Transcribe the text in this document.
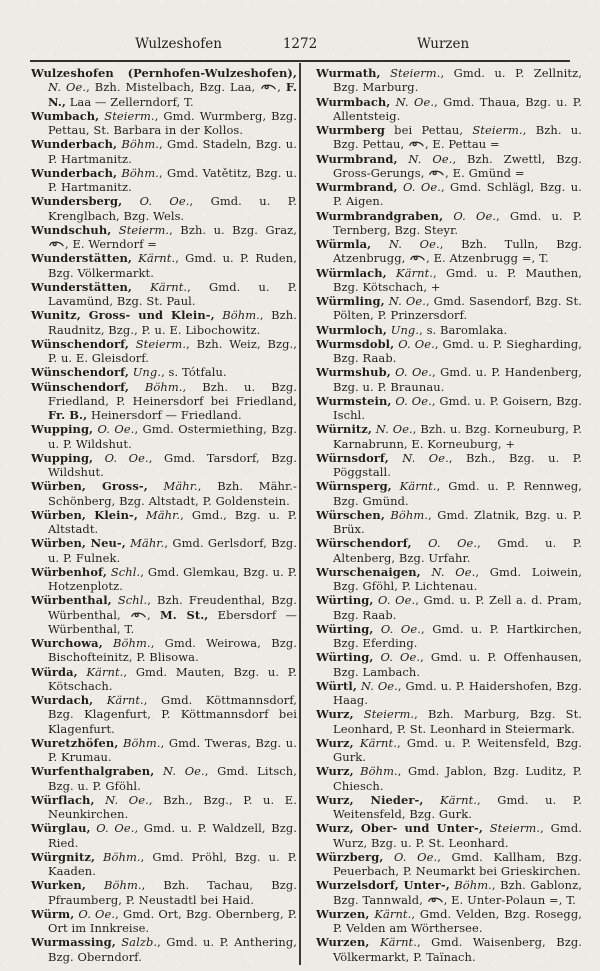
Wulzeshofen	1272	Wurzen
Wulzeshofen (Pernhofen-Wulzeshofen), N. Oe., Bzh. Mistelbach, Bzg. Laa, , F. N., Laa — Zellerndorf, T.
Wumbach, Steierm., Gmd. Wurmberg, Bzg. Pettau, St. Barbara in der Kollos.
Wunderbach, Böhm., Gmd. Stadeln, Bzg. u. P. Hartmanitz.
Wunderbach, Böhm., Gmd. Vatětitz, Bzg. u. P. Hartmanitz.
Wundersberg, O. Oe., Gmd. u. P. Krenglbach, Bzg. Wels.
Wundschuh, Steierm., Bzh. u. Bzg. Graz, , E. Werndorf =
Wunderstätten, Kärnt., Gmd. u. P. Ruden, Bzg. Völkermarkt.
Wunderstätten, Kärnt., Gmd. u. P. Lavamünd, Bzg. St. Paul.
Wunitz, Gross- und Klein-, Böhm., Bzh. Raudnitz, Bzg., P. u. E. Libochowitz.
Wünschendorf, Steierm., Bzh. Weiz, Bzg., P. u. E. Gleisdorf.
Wünschendorf, Ung., s. Tótfalu.
Wünschendorf, Böhm., Bzh. u. Bzg. Friedland, P. Heinersdorf bei Friedland, Fr. B., Heinersdorf — Friedland.
Wupping, O. Oe., Gmd. Ostermiething, Bzg. u. P. Wildshut.
Wupping, O. Oe., Gmd. Tarsdorf, Bzg. Wildshut.
Würben, Gross-, Mähr., Bzh. Mähr.-Schönberg, Bzg. Altstadt, P. Goldenstein.
Würben, Klein-, Mähr., Gmd., Bzg. u. P. Altstadt.
Würben, Neu-, Mähr., Gmd. Gerlsdorf, Bzg. u. P. Fulnek.
Würbenhof, Schl., Gmd. Glemkau, Bzg. u. P. Hotzenplotz.
Würbenthal, Schl., Bzh. Freudenthal, Bzg. Würbenthal, , M. St., Ebersdorf — Würbenthal, T.
Wurchowa, Böhm., Gmd. Weirowa, Bzg. Bischofteinitz, P. Blisowa.
Würda, Kärnt., Gmd. Mauten, Bzg. u. P. Kötschach.
Wurdach, Kärnt., Gmd. Köttmannsdorf, Bzg. Klagenfurt, P. Köttmannsdorf bei Klagenfurt.
Wuretzhöfen, Böhm., Gmd. Tweras, Bzg. u. P. Krumau.
Wurfenthalgraben, N. Oe., Gmd. Litsch, Bzg. u. P. Gföhl.
Würflach, N. Oe., Bzh., Bzg., P. u. E. Neunkirchen.
Würglau, O. Oe., Gmd. u. P. Waldzell, Bzg. Ried.
Würgnitz, Böhm., Gmd. Pröhl, Bzg. u. P. Kaaden.
Wurken, Böhm., Bzh. Tachau, Bzg. Pfraumberg, P. Neustadtl bei Haid.
Würm, O. Oe., Gmd. Ort, Bzg. Obernberg, P. Ort im Innkreise.
Wurmassing, Salzb., Gmd. u. P. Anthering, Bzg. Oberndorf.
Wurmath, Steierm., Gmd. u. P. Zellnitz, Bzg. Marburg.
Wurmbach, N. Oe., Gmd. Thaua, Bzg. u. P. Allentsteig.
Wurmberg bei Pettau, Steierm., Bzh. u. Bzg. Pettau, , E. Pettau =
Wurmbrand, N. Oe., Bzh. Zwettl, Bzg. Gross-Gerungs, , E. Gmünd =
Wurmbrand, O. Oe., Gmd. Schlägl, Bzg. u. P. Aigen.
Wurmbrandgraben, O. Oe., Gmd. u. P. Ternberg, Bzg. Steyr.
Würmla, N. Oe., Bzh. Tulln, Bzg. Atzenbrugg, , E. Atzenbrugg =, T.
Würmlach, Kärnt., Gmd. u. P. Mauthen, Bzg. Kötschach, +
Würmling, N. Oe., Gmd. Sasendorf, Bzg. St. Pölten, P. Prinzersdorf.
Wurmloch, Ung., s. Baromlaka.
Wurmsdobl, O. Oe., Gmd. u. P. Siegharding, Bzg. Raab.
Wurmshub, O. Oe., Gmd. u. P. Handenberg, Bzg. u. P. Braunau.
Wurmstein, O. Oe., Gmd. u. P. Goisern, Bzg. Ischl.
Würnitz, N. Oe., Bzh. u. Bzg. Korneuburg, P. Karnabrunn, E. Korneuburg, +
Würnsdorf, N. Oe., Bzh., Bzg. u. P. Pöggstall.
Würnsperg, Kärnt., Gmd. u. P. Rennweg, Bzg. Gmünd.
Würschen, Böhm., Gmd. Zlatnik, Bzg. u. P. Brüx.
Würschendorf, O. Oe., Gmd. u. P. Altenberg, Bzg. Urfahr.
Wurschenaigen, N. Oe., Gmd. Loiwein, Bzg. Gföhl, P. Lichtenau.
Würting, O. Oe., Gmd. u. P. Zell a. d. Pram, Bzg. Raab.
Würting, O. Oe., Gmd. u. P. Hartkirchen, Bzg. Eferding.
Würting, O. Oe., Gmd. u. P. Offenhausen, Bzg. Lambach.
Würtl, N. Oe., Gmd. u. P. Haidershofen, Bzg. Haag.
Wurz, Steierm., Bzh. Marburg, Bzg. St. Leonhard, P. St. Leonhard in Steiermark.
Wurz, Kärnt., Gmd. u. P. Weitensfeld, Bzg. Gurk.
Wurz, Böhm., Gmd. Jablon, Bzg. Luditz, P. Chiesch.
Wurz, Nieder-, Kärnt., Gmd. u. P. Weitensfeld, Bzg. Gurk.
Wurz, Ober- und Unter-, Steierm., Gmd. Wurz, Bzg. u. P. St. Leonhard.
Würzberg, O. Oe., Gmd. Kallham, Bzg. Peuerbach, P. Neumarkt bei Grieskirchen.
Wurzelsdorf, Unter-, Böhm., Bzh. Gablonz, Bzg. Tannwald, , E. Unter-Polaun =, T.
Wurzen, Kärnt., Gmd. Velden, Bzg. Rosegg, P. Velden am Wörthersee.
Wurzen, Kärnt., Gmd. Waisenberg, Bzg. Völkermarkt, P. Taïnach.
